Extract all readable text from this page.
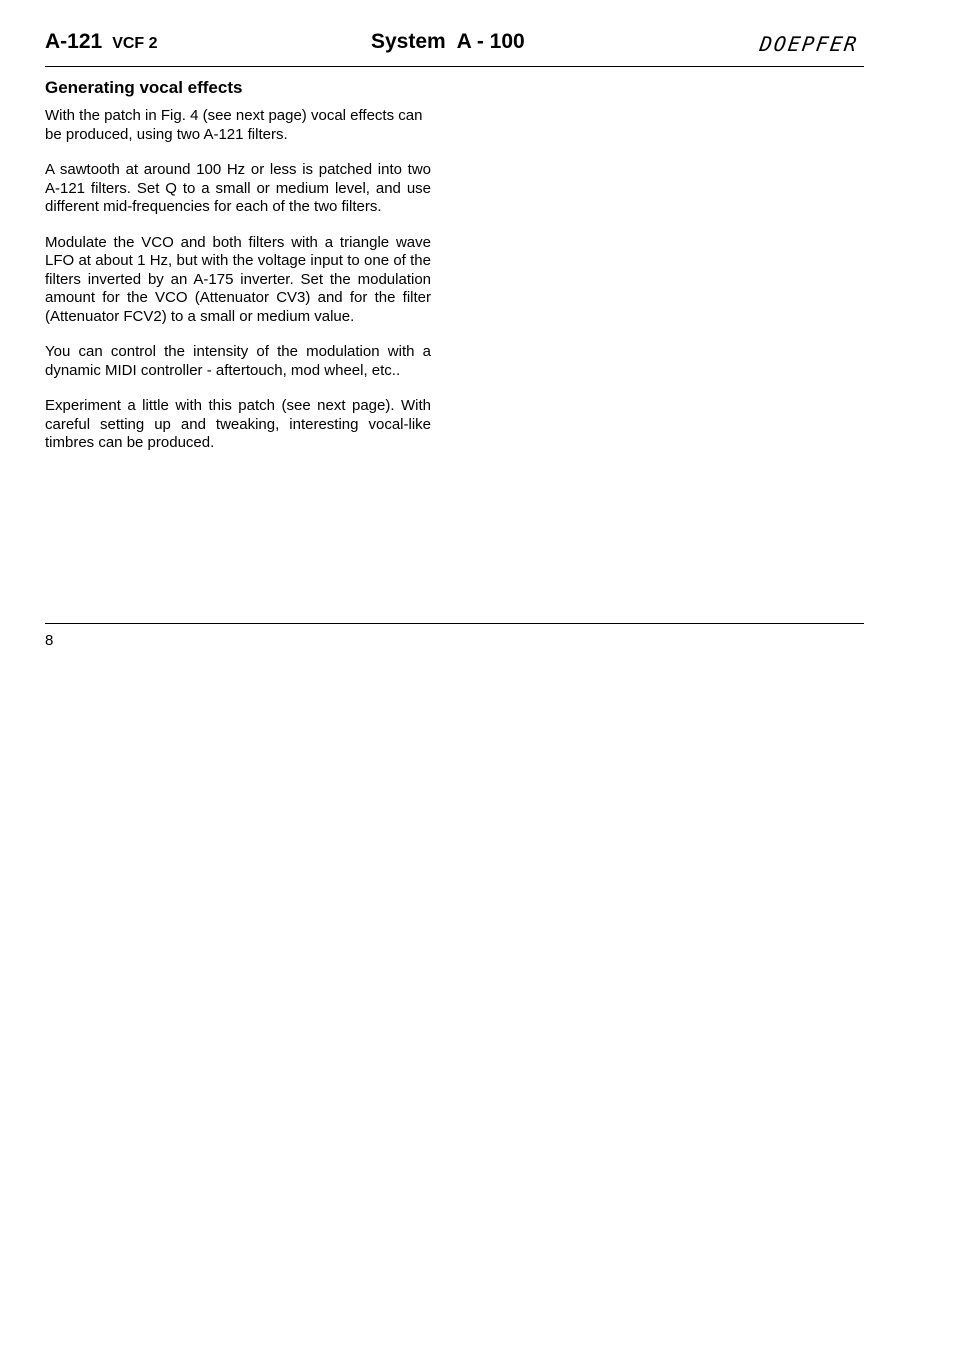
A-121 VCF 2	System  A - 100	DOEPFER
Generating vocal effects

With the patch in Fig. 4 (see next page) vocal effects can be produced, using two A-121 filters.

A sawtooth at around 100 Hz or less is patched into two A-121 filters. Set Q to a small or medium level, and use different mid-frequencies for each of the two filters.

Modulate the VCO and both filters with a triangle wave LFO at about 1 Hz, but with the voltage input to one of the filters inverted by an A-175 inverter. Set the modulation amount for the VCO (Attenuator CV3) and for the filter (Attenuator FCV2) to a small or medium value.

You can control the intensity of the modulation with a dynamic MIDI controller - aftertouch, mod wheel, etc..

Experiment a little with this patch (see next page). With careful setting up and tweaking, interesting vocal-like timbres can be produced.

8
